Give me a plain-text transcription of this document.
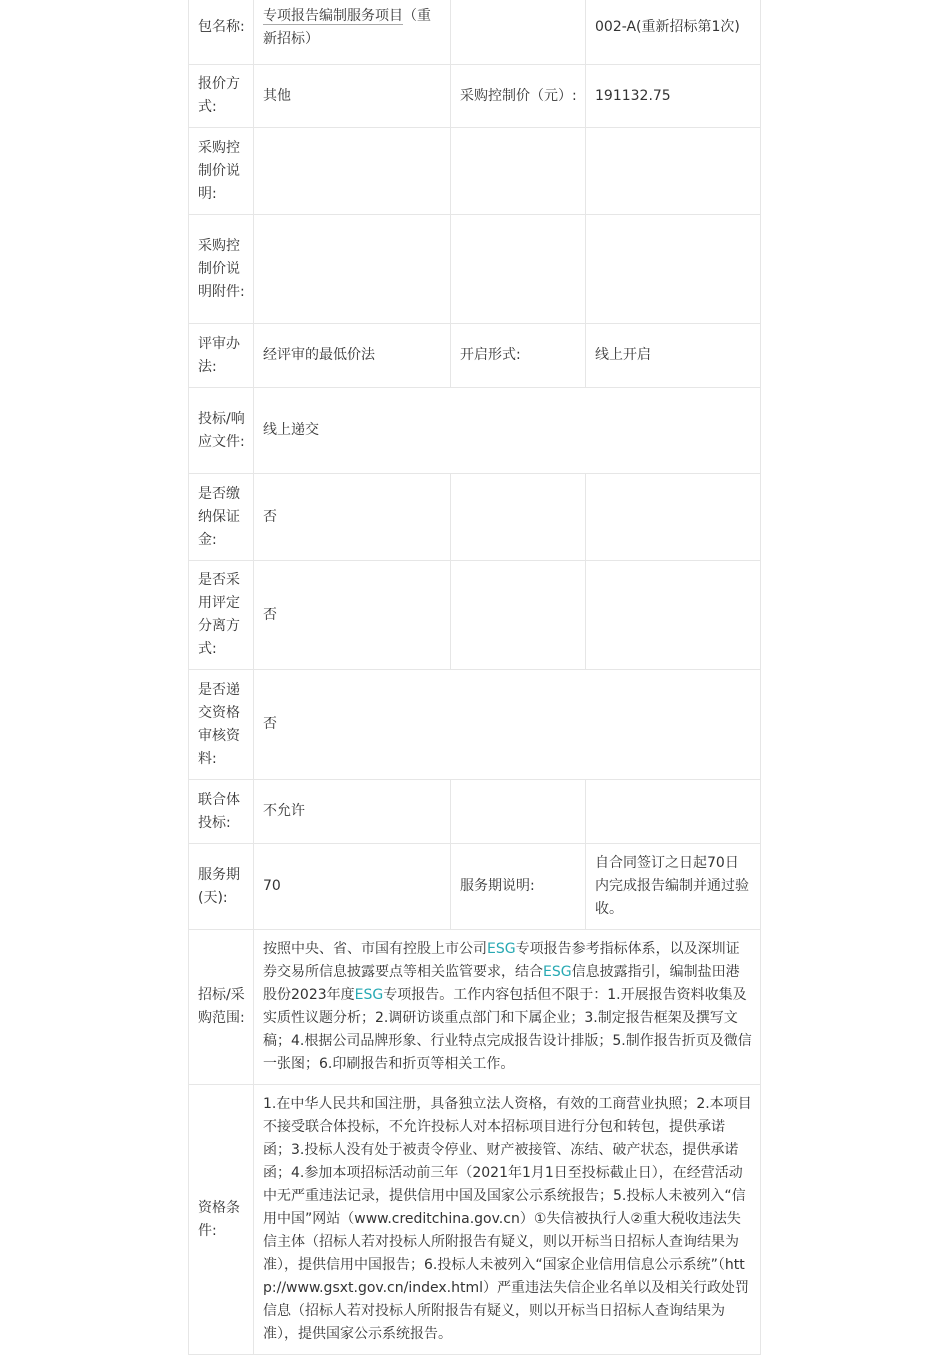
包名称:	专项报告编制服务项目（重新招标）		002-A(重新招标第1次)
报价方式:	其他	采购控制价（元）:	191132.75
采购控制价说明:			
采购控制价说明附件:			
评审办法:	经评审的最低价法	开启形式:	线上开启
投标/响应文件:	线上递交		
是否缴纳保证金:	否		
是否采用评定分离方式:	否		
是否递交资格审核资料:	否		
联合体投标:	不允许		
服务期(天):	70	服务期说明:	自合同签订之日起70日内完成报告编制并通过验收。
招标/采购范围:	按照中央、省、市国有控股上市公司ESG专项报告参考指标体系，以及深圳证券交易所信息披露要点等相关监管要求，结合ESG信息披露指引，编制盐田港股份2023年度ESG专项报告。工作内容包括但不限于：1.开展报告资料收集及实质性议题分析；2.调研访谈重点部门和下属企业；3.制定报告框架及撰写文稿；4.根据公司品牌形象、行业特点完成报告设计排版；5.制作报告折页及微信一张图；6.印刷报告和折页等相关工作。		
资格条件:	1.在中华人民共和国注册，具备独立法人资格，有效的工商营业执照；2.本项目不接受联合体投标，不允许投标人对本招标项目进行分包和转包，提供承诺函；3.投标人没有处于被责令停业、财产被接管、冻结、破产状态，提供承诺函；4.参加本项招标活动前三年（2021年1月1日至投标截止日），在经营活动中无严重违法记录，提供信用中国及国家公示系统报告；5.投标人未被列入“信用中国”网站（www.creditchina.gov.cn）①失信被执行人②重大税收违法失信主体（招标人若对投标人所附报告有疑义，则以开标当日招标人查询结果为准），提供信用中国报告；6.投标人未被列入“国家企业信用信息公示系统”（http://www.gsxt.gov.cn/index.html）严重违法失信企业名单以及相关行政处罚信息（招标人若对投标人所附报告有疑义，则以开标当日招标人查询结果为准），提供国家公示系统报告。		
